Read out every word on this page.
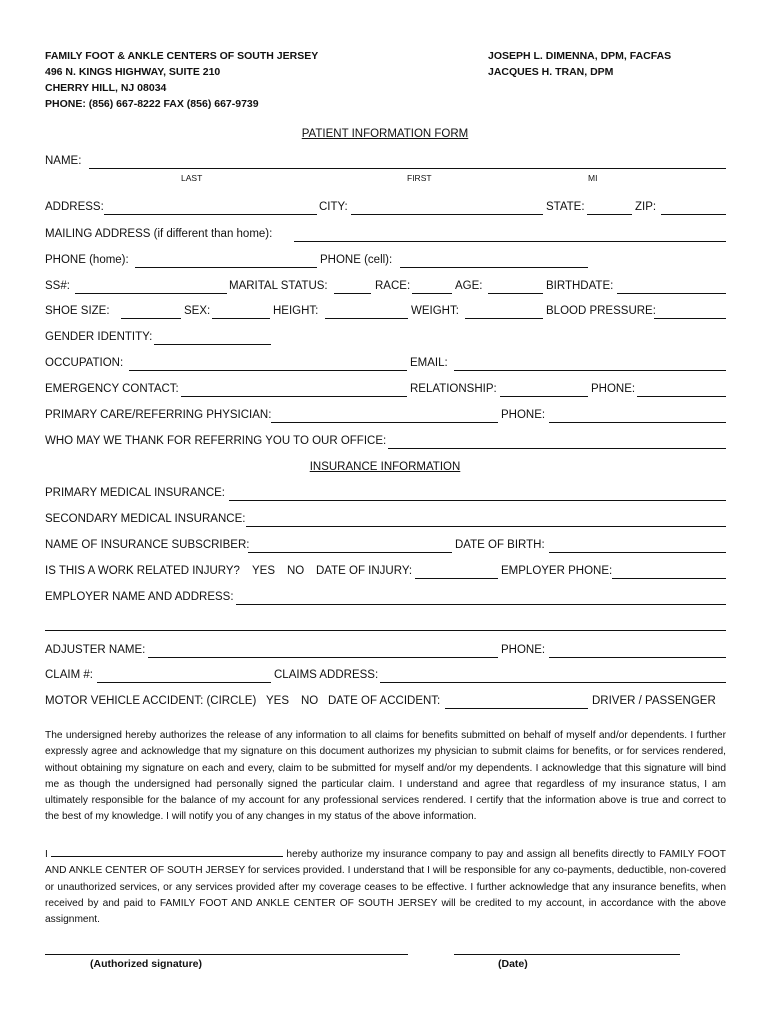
FAMILY FOOT & ANKLE CENTERS OF SOUTH JERSEY
496 N. KINGS HIGHWAY, SUITE 210
CHERRY HILL, NJ 08034
PHONE: (856) 667-8222 FAX (856) 667-9739
JOSEPH L. DIMENNA, DPM, FACFAS
JACQUES H. TRAN, DPM
PATIENT INFORMATION FORM
NAME:
LAST	FIRST	MI
ADDRESS:	CITY:	STATE:	ZIP:
MAILING ADDRESS (if different than home):
PHONE (home):	PHONE (cell):
SS#:	MARITAL STATUS:	RACE:	AGE:	BIRTHDATE:
SHOE SIZE:	SEX:	HEIGHT:	WEIGHT:	BLOOD PRESSURE:
GENDER IDENTITY:
OCCUPATION:	EMAIL:
EMERGENCY CONTACT:	RELATIONSHIP:	PHONE:
PRIMARY CARE/REFERRING PHYSICIAN:	PHONE:
WHO MAY WE THANK FOR REFERRING YOU TO OUR OFFICE:
INSURANCE INFORMATION
PRIMARY MEDICAL INSURANCE:
SECONDARY MEDICAL INSURANCE:
NAME OF INSURANCE SUBSCRIBER:	DATE OF BIRTH:
IS THIS A WORK RELATED INJURY? YES NO DATE OF INJURY:	EMPLOYER PHONE:
EMPLOYER NAME AND ADDRESS:
ADJUSTER NAME:	PHONE:
CLAIM #:	CLAIMS ADDRESS:
MOTOR VEHICLE ACCIDENT: (CIRCLE) YES NO DATE OF ACCIDENT:	DRIVER / PASSENGER
The undersigned hereby authorizes the release of any information to all claims for benefits submitted on behalf of myself and/or dependents. I further expressly agree and acknowledge that my signature on this document authorizes my physician to submit claims for benefits, or for services rendered, without obtaining my signature on each and every, claim to be submitted for myself and/or my dependents. I acknowledge that this signature will bind me as though the undersigned had personally signed the particular claim. I understand and agree that regardless of my insurance status, I am ultimately responsible for the balance of my account for any professional services rendered. I certify that the information above is true and correct to the best of my knowledge. I will notify you of any changes in my status of the above information.
I	hereby authorize my insurance company to pay and assign all benefits directly to FAMILY FOOT AND ANKLE CENTER OF SOUTH JERSEY for services provided. I understand that I will be responsible for any co-payments, deductible, non-covered or unauthorized services, or any services provided after my coverage ceases to be effective. I further acknowledge that any insurance benefits, when received by and paid to FAMILY FOOT AND ANKLE CENTER OF SOUTH JERSEY will be credited to my account, in accordance with the above assignment.
(Authorized signature)	(Date)
